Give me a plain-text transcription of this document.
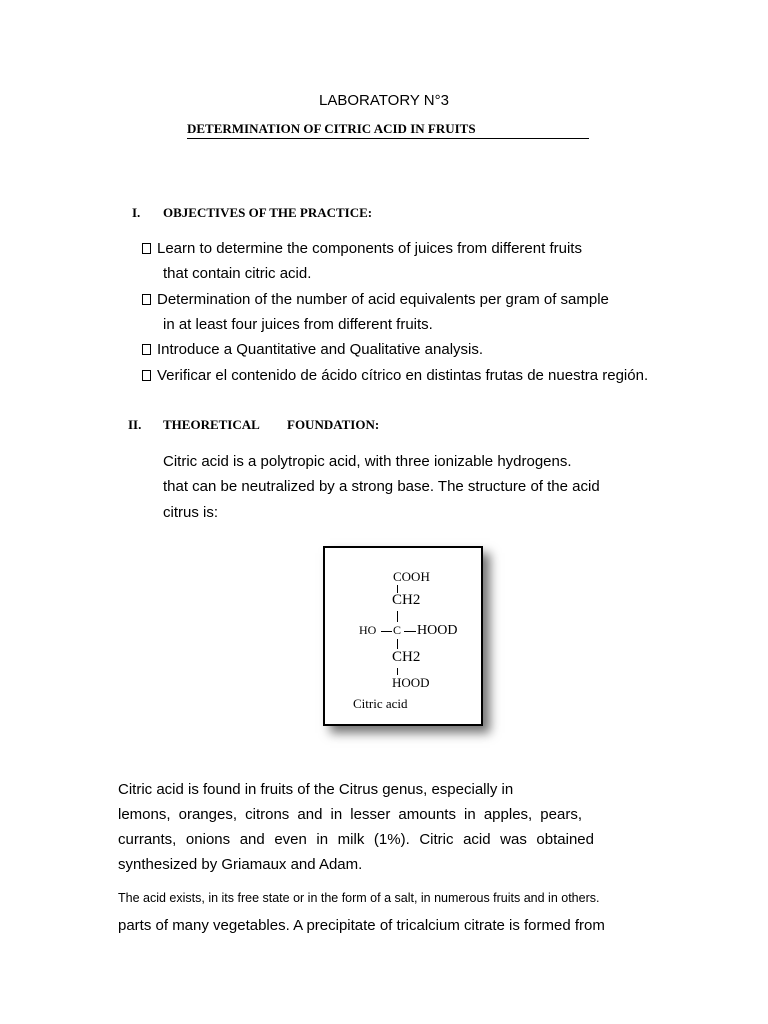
LABORATORY N°3
DETERMINATION OF CITRIC ACID IN FRUITS
I. OBJECTIVES OF THE PRACTICE:
Learn to determine the components of juices from different fruits
that contain citric acid.
Determination of the number of acid equivalents per gram of sample
in at least four juices from different fruits.
Introduce a Quantitative and Qualitative analysis.
Verificar el contenido de ácido cítrico en distintas frutas de nuestra región.
II. THEORETICAL FOUNDATION:
Citric acid is a polytropic acid, with three ionizable hydrogens.
that can be neutralized by a strong base. The structure of the acid
citrus is:
COOH
CH2
HO C HOOD
CH2
HOOD
Citric acid
Citric acid is found in fruits of the Citrus genus, especially in
lemons, oranges, citrons and in lesser amounts in apples, pears,
currants, onions and even in milk (1%). Citric acid was obtained
synthesized by Griamaux and Adam.
The acid exists, in its free state or in the form of a salt, in numerous fruits and in others.
parts of many vegetables. A precipitate of tricalcium citrate is formed from
